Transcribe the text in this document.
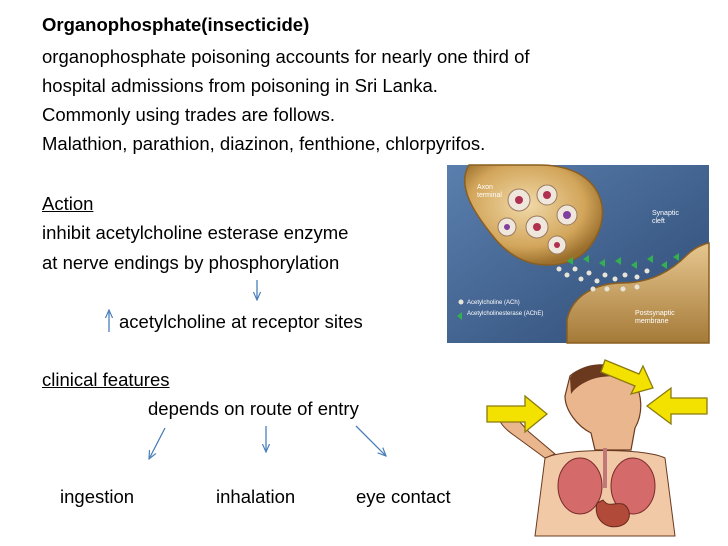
Organophosphate(insecticide)
organophosphate poisoning accounts for nearly one third of
hospital admissions from poisoning in Sri Lanka.
Commonly using trades are follows.
Malathion, parathion, diazinon, fenthione, chlorpyrifos.
Action
inhibit acetylcholine esterase enzyme
at nerve endings by phosphorylation
acetylcholine at receptor sites
clinical features
depends on route of entry
ingestion	inhalation	eye contact
Axon
terminal
Synaptic
cleft
Acetylcholine (ACh)
Acetylcholinesterase (AChE)	Postsynaptic
membrane
